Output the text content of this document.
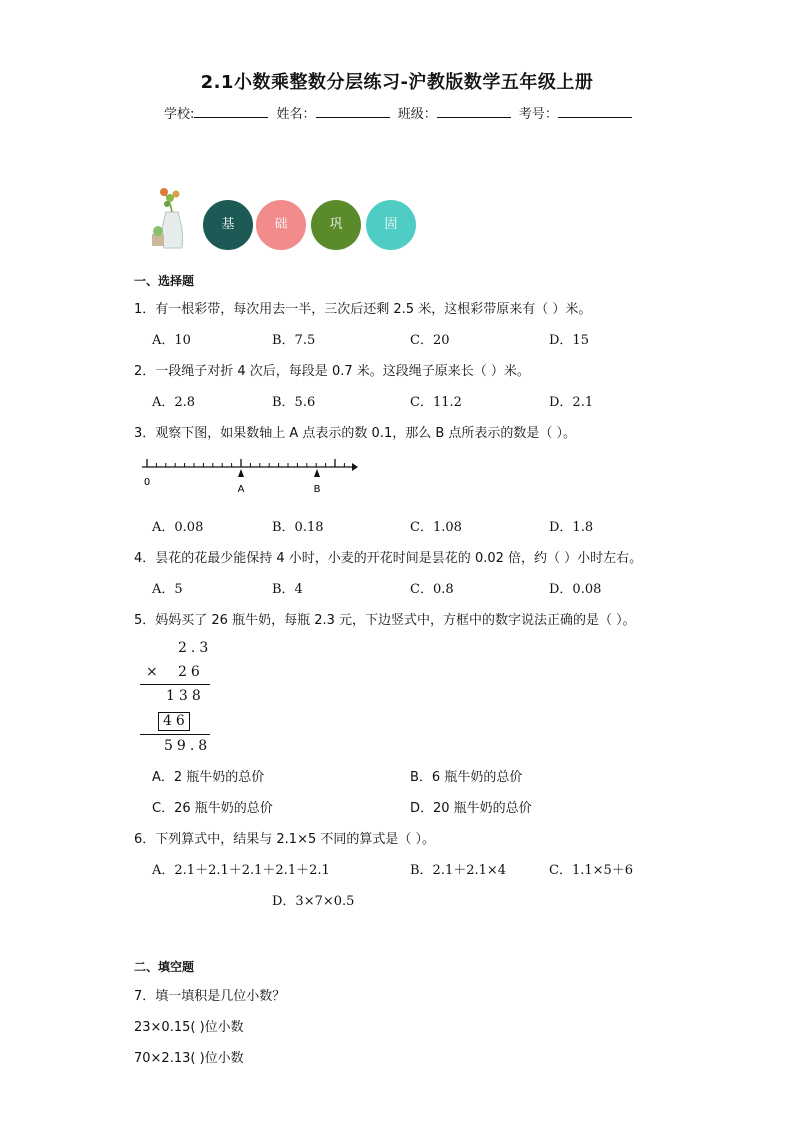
2.1小数乘整数分层练习-沪教版数学五年级上册
学校:	姓名：	班级：	考号：
基	础	巩	固
一、选择题
1．有一根彩带，每次用去一半，三次后还剩 2.5 米，这根彩带原来有（ ）米。
A．10	B．7.5	C．20	D．15
2．一段绳子对折 4 次后，每段是 0.7 米。这段绳子原来长（ ）米。
A．2.8	B．5.6	C．11.2	D．2.1
3．观察下图，如果数轴上 A 点表示的数 0.1，那么 B 点所表示的数是（ ）。
0
A	B
A．0.08	B．0.18	C．1.08	D．1.8
4．昙花的花最少能保持 4 小时，小麦的开花时间是昙花的 0.02 倍，约（ ）小时左右。
A．5	B．4	C．0.8	D．0.08
5．妈妈买了 26 瓶牛奶，每瓶 2.3 元，下边竖式中，方框中的数字说法正确的是（ ）。
2.3
× 26
138
46
59.8
A．2 瓶牛奶的总价	B．6 瓶牛奶的总价
C．26 瓶牛奶的总价	D．20 瓶牛奶的总价
6．下列算式中，结果与 2.1×5 不同的算式是（ ）。
A．2.1＋2.1＋2.1＋2.1＋2.1	B．2.1＋2.1×4	C．1.1×5＋6
D．3×7×0.5
二、填空题
7．填一填积是几位小数？
23×0.15( )位小数
70×2.13( )位小数
